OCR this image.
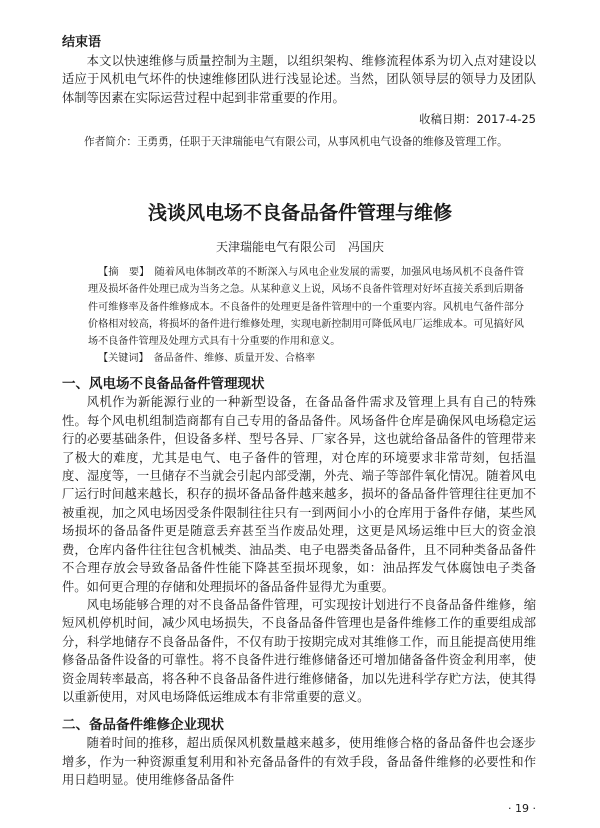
结束语

本文以快速维修与质量控制为主题，以组织架构、维修流程体系为切入点对建设以适应于风机电气坏件的快速维修团队进行浅显论述。当然，团队领导层的领导力及团队体制等因素在实际运营过程中起到非常重要的作用。

收稿日期：2017-4-25
作者简介：王勇勇，任职于天津瑞能电气有限公司，从事风机电气设备的维修及管理工作。
浅谈风电场不良备品备件管理与维修
天津瑞能电气有限公司　冯国庆

【摘　要】　随着风电体制改革的不断深入与风电企业发展的需要，加强风电场风机不良备件管理及损坏备件处理已成为当务之急。从某种意义上说，风场不良备件管理对好坏直接关系到后期备件可维修率及备件维修成本。不良备件的处理更是备件管理中的一个重要内容。风机电气备件部分价格相对较高，将损坏的备件进行维修处理，实现电新控制用可降低风电厂运维成本。可见搞好风场不良备件管理及处理方式具有十分重要的作用和意义。

【关键词】　备品备件、维修、质量开发、合格率

一、风电场不良备品备件管理现状

风机作为新能源行业的一种新型设备，在备品备件需求及管理上具有自己的特殊性。每个风电机组制造商都有自己专用的备品备件。风场备件仓库是确保风电场稳定运行的必要基础条件，但设备多样、型号各异、厂家各异，这也就给备品备件的管理带来了极大的难度，尤其是电气、电子备件的管理，对仓库的环境要求非常苛刻，包括温度、湿度等，一旦储存不当就会引起内部受潮，外壳、端子等部件氧化情况。随着风电厂运行时间越来越长，积存的损坏备品备件越来越多，损坏的备品备件管理往往更加不被重视，加之风电场因受条件限制往往只有一到两间小小的仓库用于备件存储，某些风场损坏的备品备件更是随意丢弃甚至当作废品处理，这更是风场运维中巨大的资金浪费，仓库内备件往往包含机械类、油品类、电子电器类备品备件，且不同种类备品备件不合理存放会导致备品备件性能下降甚至损坏现象，如：油品挥发气体腐蚀电子类备件。如何更合理的存储和处理损坏的备品备件显得尤为重要。

风电场能够合理的对不良备品备件管理，可实现按计划进行不良备品备件维修，缩短风机停机时间，减少风电场损失，不良备品备件管理也是备件维修工作的重要组成部分，科学地储存不良备品备件，不仅有助于按期完成对其维修工作，而且能提高使用维修备品备件设备的可靠性。将不良备件进行维修储备还可增加储备备件资金利用率，使资金周转率最高，将各种不良备品备件进行维修储备，加以先进科学存贮方法，使其得以重新使用，对风电场降低运维成本有非常重要的意义。

二、备品备件维修企业现状

随着时间的推移，超出质保风机数量越来越多，使用维修合格的备品备件也会逐步增多，作为一种资源重复利用和补充备品备件的有效手段，备品备件维修的必要性和作用日趋明显。使用维修备品备件

· 19 ·
